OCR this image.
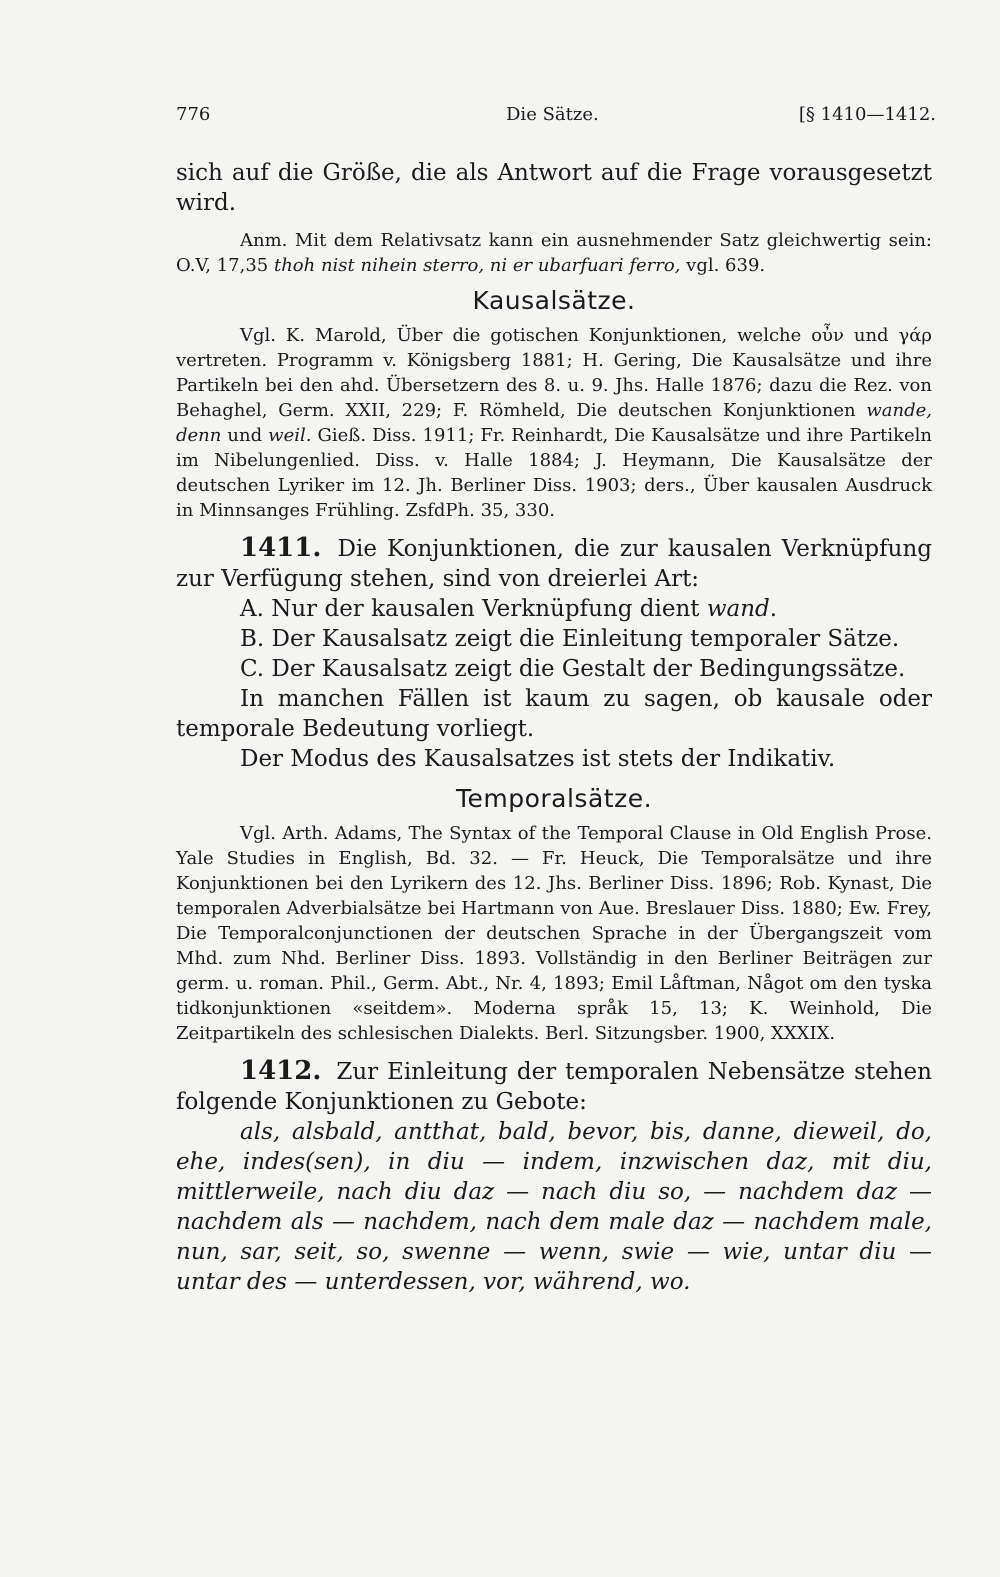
776	Die Sätze.	[§ 1410—1412.

sich auf die Größe, die als Antwort auf die Frage vorausgesetzt wird.

Anm. Mit dem Relativsatz kann ein ausnehmender Satz gleichwertig sein: O.V, 17,35 thoh nist nihein sterro, ni er ubarfuari ferro, vgl. 639.

Kausalsätze.

Vgl. K. Marold, Über die gotischen Konjunktionen, welche οὖν und γάρ vertreten. Programm v. Königsberg 1881; H. Gering, Die Kausalsätze und ihre Partikeln bei den ahd. Übersetzern des 8. u. 9. Jhs. Halle 1876; dazu die Rez. von Behaghel, Germ. XXII, 229; F. Römheld, Die deutschen Konjunktionen wande, denn und weil. Gieß. Diss. 1911; Fr. Reinhardt, Die Kausalsätze und ihre Partikeln im Nibelungenlied. Diss. v. Halle 1884; J. Heymann, Die Kausalsätze der deutschen Lyriker im 12. Jh. Berliner Diss. 1903; ders., Über kausalen Ausdruck in Minnsanges Frühling. ZsfdPh. 35, 330.

1411. Die Konjunktionen, die zur kausalen Verknüpfung zur Verfügung stehen, sind von dreierlei Art:

A. Nur der kausalen Verknüpfung dient wand.

B. Der Kausalsatz zeigt die Einleitung temporaler Sätze.

C. Der Kausalsatz zeigt die Gestalt der Bedingungssätze.

In manchen Fällen ist kaum zu sagen, ob kausale oder temporale Bedeutung vorliegt.

Der Modus des Kausalsatzes ist stets der Indikativ.

Temporalsätze.

Vgl. Arth. Adams, The Syntax of the Temporal Clause in Old English Prose. Yale Studies in English, Bd. 32. — Fr. Heuck, Die Temporalsätze und ihre Konjunktionen bei den Lyrikern des 12. Jhs. Berliner Diss. 1896; Rob. Kynast, Die temporalen Adverbialsätze bei Hartmann von Aue. Breslauer Diss. 1880; Ew. Frey, Die Temporalconjunctionen der deutschen Sprache in der Übergangszeit vom Mhd. zum Nhd. Berliner Diss. 1893. Vollständig in den Berliner Beiträgen zur germ. u. roman. Phil., Germ. Abt., Nr. 4, 1893; Emil Låftman, Något om den tyska tidkonjunktionen «seitdem». Moderna språk 15, 13; K. Weinhold, Die Zeitpartikeln des schlesischen Dialekts. Berl. Sitzungsber. 1900, XXXIX.

1412. Zur Einleitung der temporalen Nebensätze stehen folgende Konjunktionen zu Gebote:

als, alsbald, antthat, bald, bevor, bis, danne, dieweil, do, ehe, indes(sen), in diu — indem, inzwischen daz, mit diu, mittlerweile, nach diu daz — nach diu so, — nachdem daz — nachdem als — nachdem, nach dem male daz — nachdem male, nun, sar, seit, so, swenne — wenn, swie — wie, untar diu — untar des — unterdessen, vor, während, wo.
